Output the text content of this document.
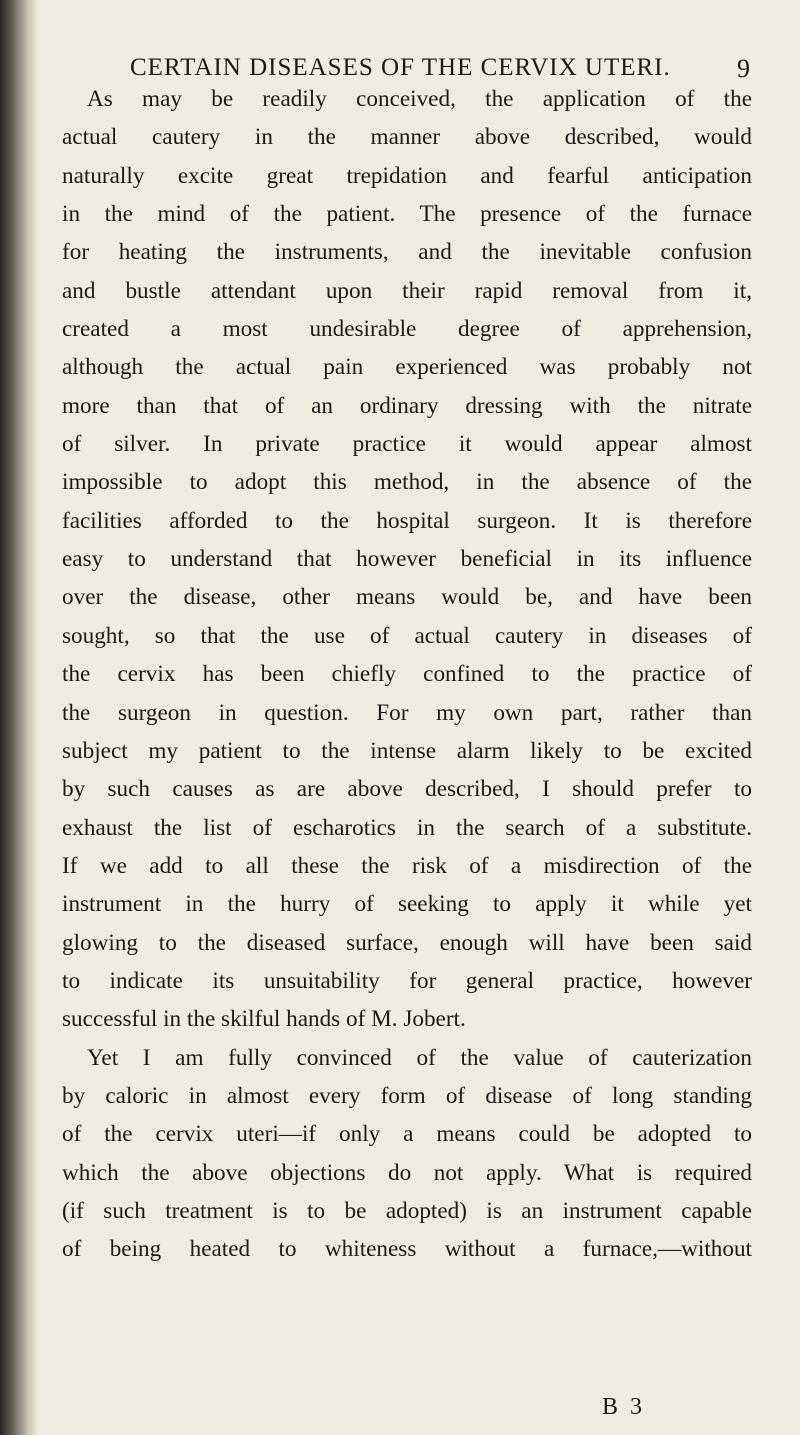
CERTAIN DISEASES OF THE CERVIX UTERI.	9
As may be readily conceived, the application of the
actual cautery in the manner above described, would
naturally excite great trepidation and fearful anticipation
in the mind of the patient. The presence of the furnace
for heating the instruments, and the inevitable confusion
and bustle attendant upon their rapid removal from it,
created a most undesirable degree of apprehension,
although the actual pain experienced was probably not
more than that of an ordinary dressing with the nitrate
of silver. In private practice it would appear almost
impossible to adopt this method, in the absence of the
facilities afforded to the hospital surgeon. It is therefore
easy to understand that however beneficial in its influence
over the disease, other means would be, and have been
sought, so that the use of actual cautery in diseases of
the cervix has been chiefly confined to the practice of
the surgeon in question. For my own part, rather than
subject my patient to the intense alarm likely to be excited
by such causes as are above described, I should prefer to
exhaust the list of escharotics in the search of a substitute.
If we add to all these the risk of a misdirection of the
instrument in the hurry of seeking to apply it while yet
glowing to the diseased surface, enough will have been said
to indicate its unsuitability for general practice, however
successful in the skilful hands of M. Jobert.
Yet I am fully convinced of the value of cauterization
by caloric in almost every form of disease of long standing
of the cervix uteri—if only a means could be adopted to
which the above objections do not apply. What is required
(if such treatment is to be adopted) is an instrument capable
of being heated to whiteness without a furnace,—without
B 3
